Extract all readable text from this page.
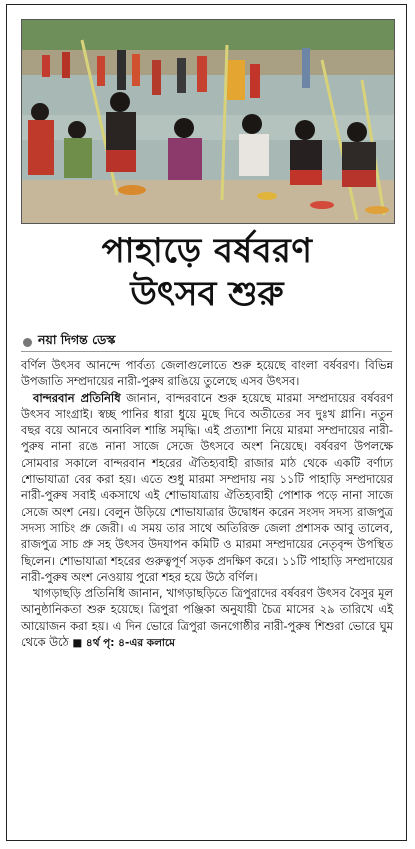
পাহাড়ে বর্ষবরণ
উৎসব শুরু
নয়া দিগন্ত ডেস্ক

বর্ণিল উৎসব আনন্দে পার্বত্য জেলাগুলোতে শুরু হয়েছে বাংলা বর্ষবরণ। বিভিন্ন উপজাতি সম্প্রদায়ের নারী-পুরুষ রাঙিয়ে তুলেছে এসব উৎসব।

বান্দরবান প্রতিনিধি জানান, বান্দরবানে শুরু হয়েছে মারমা সম্প্রদায়ের বর্ষবরণ উৎসব সাংগ্রাই। স্বচ্ছ পানির ধারা ধুয়ে মুছে দিবে অতীতের সব দুঃখ গ্লানি। নতুন বছর বয়ে আনবে অনাবিল শান্তি সমৃদ্ধি। এই প্রত্যাশা নিয়ে মারমা সম্প্রদায়ের নারী-পুরুষ নানা রঙে নানা সাজে সেজে উৎসবে অংশ নিয়েছে। বর্ষবরণ উপলক্ষে সোমবার সকালে বান্দরবান শহরের ঐতিহ্যবাহী রাজার মাঠ থেকে একটি বর্ণাঢ্য শোভাযাত্রা বের করা হয়। এতে শুধু মারমা সম্প্রদায় নয় ১১টি পাহাড়ি সম্প্রদায়ের নারী-পুরুষ সবাই একসাথে এই শোভাযাত্রায় ঐতিহ্যবাহী পোশাক পড়ে নানা সাজে সেজে অংশ নেয়। বেলুন উড়িয়ে শোভাযাত্রার উদ্বোধন করেন সংসদ সদস্য রাজপুত্র সদস্য সাচিং প্রু জেরী। এ সময় তার সাথে অতিরিক্ত জেলা প্রশাসক আবু তালেব, রাজপুত্র সাচ প্রু সহ উৎসব উদযাপন কমিটি ও মারমা সম্প্রদায়ের নেতৃবৃন্দ উপস্থিত ছিলেন। শোভাযাত্রা শহরের গুরুত্বপূর্ণ সড়ক প্রদক্ষিণ করে। ১১টি পাহাড়ি সম্প্রদায়ের নারী-পুরুষ অংশ নেওয়ায় পুরো শহর হয়ে উঠে বর্ণিল।

খাগড়াছড়ি প্রতিনিধি জানান, খাগড়াছড়িতে ত্রিপুরাদের বর্ষবরণ উৎসব বৈসুর মূল আনুষ্ঠানিকতা শুরু হয়েছে। ত্রিপুরা পঞ্জিকা অনুযায়ী চৈত্র মাসের ২৯ তারিখে এই আয়োজন করা হয়। এ দিন ভোরে ত্রিপুরা জনগোষ্ঠীর নারী-পুরুষ শিশুরা ভোরে ঘুম থেকে উঠে ■ ৪র্থ পৃ: ৪-এর কলামে
